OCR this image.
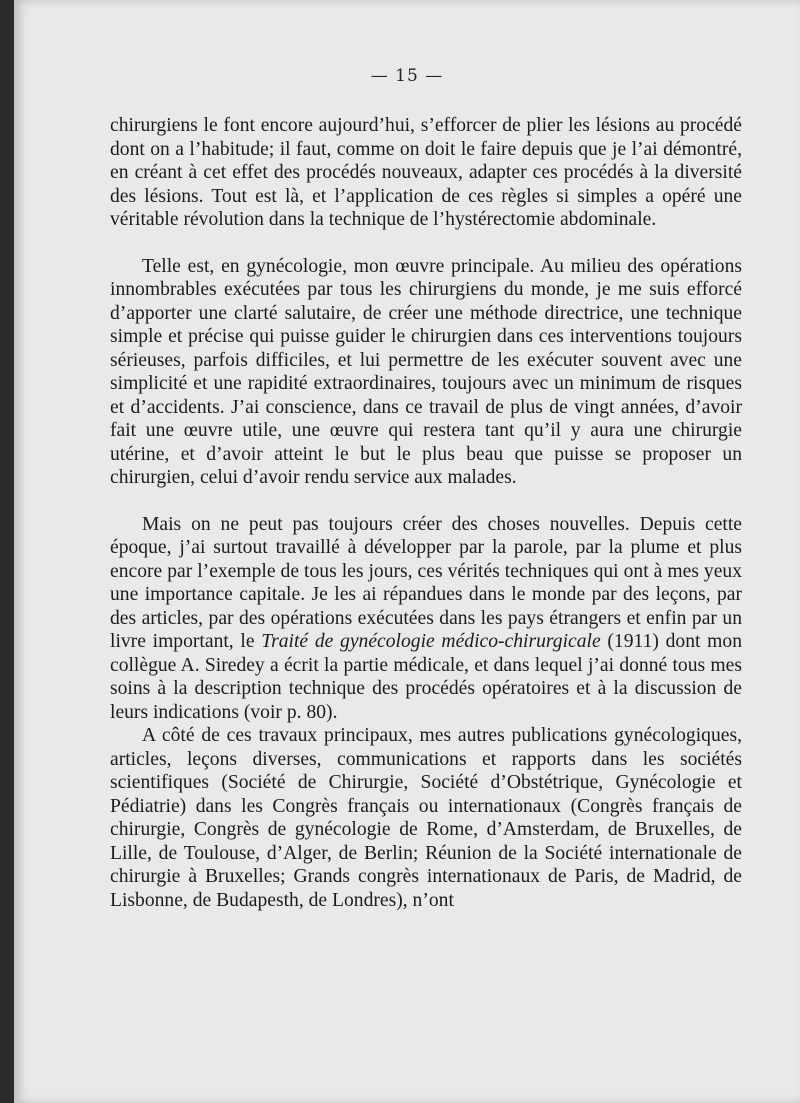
— 15 —

chirurgiens le font encore aujourd’hui, s’efforcer de plier les lésions au procédé dont on a l’habitude; il faut, comme on doit le faire depuis que je l’ai démontré, en créant à cet effet des procédés nouveaux, adapter ces procédés à la diversité des lésions. Tout est là, et l’application de ces règles si simples a opéré une véritable révolution dans la technique de l’hystérectomie abdominale.

Telle est, en gynécologie, mon œuvre principale. Au milieu des opérations innombrables exécutées par tous les chirurgiens du monde, je me suis efforcé d’apporter une clarté salutaire, de créer une méthode directrice, une technique simple et précise qui puisse guider le chirurgien dans ces interventions toujours sérieuses, parfois difficiles, et lui permettre de les exécuter souvent avec une simplicité et une rapidité extraordinaires, toujours avec un minimum de risques et d’accidents. J’ai conscience, dans ce travail de plus de vingt années, d’avoir fait une œuvre utile, une œuvre qui restera tant qu’il y aura une chirurgie utérine, et d’avoir atteint le but le plus beau que puisse se proposer un chirurgien, celui d’avoir rendu service aux malades.

Mais on ne peut pas toujours créer des choses nouvelles. Depuis cette époque, j’ai surtout travaillé à développer par la parole, par la plume et plus encore par l’exemple de tous les jours, ces vérités techniques qui ont à mes yeux une importance capitale. Je les ai répandues dans le monde par des leçons, par des articles, par des opérations exécutées dans les pays étrangers et enfin par un livre important, le Traité de gynécologie médico-chirurgicale (1911) dont mon collègue A. Siredey a écrit la partie médicale, et dans lequel j’ai donné tous mes soins à la description technique des procédés opératoires et à la discussion de leurs indications (voir p. 80).

A côté de ces travaux principaux, mes autres publications gynécologiques, articles, leçons diverses, communications et rapports dans les sociétés scientifiques (Société de Chirurgie, Société d’Obstétrique, Gynécologie et Pédiatrie) dans les Congrès français ou internationaux (Congrès français de chirurgie, Congrès de gynécologie de Rome, d’Amsterdam, de Bruxelles, de Lille, de Toulouse, d’Alger, de Berlin; Réunion de la Société internationale de chirurgie à Bruxelles; Grands congrès internationaux de Paris, de Madrid, de Lisbonne, de Budapesth, de Londres), n’ont
